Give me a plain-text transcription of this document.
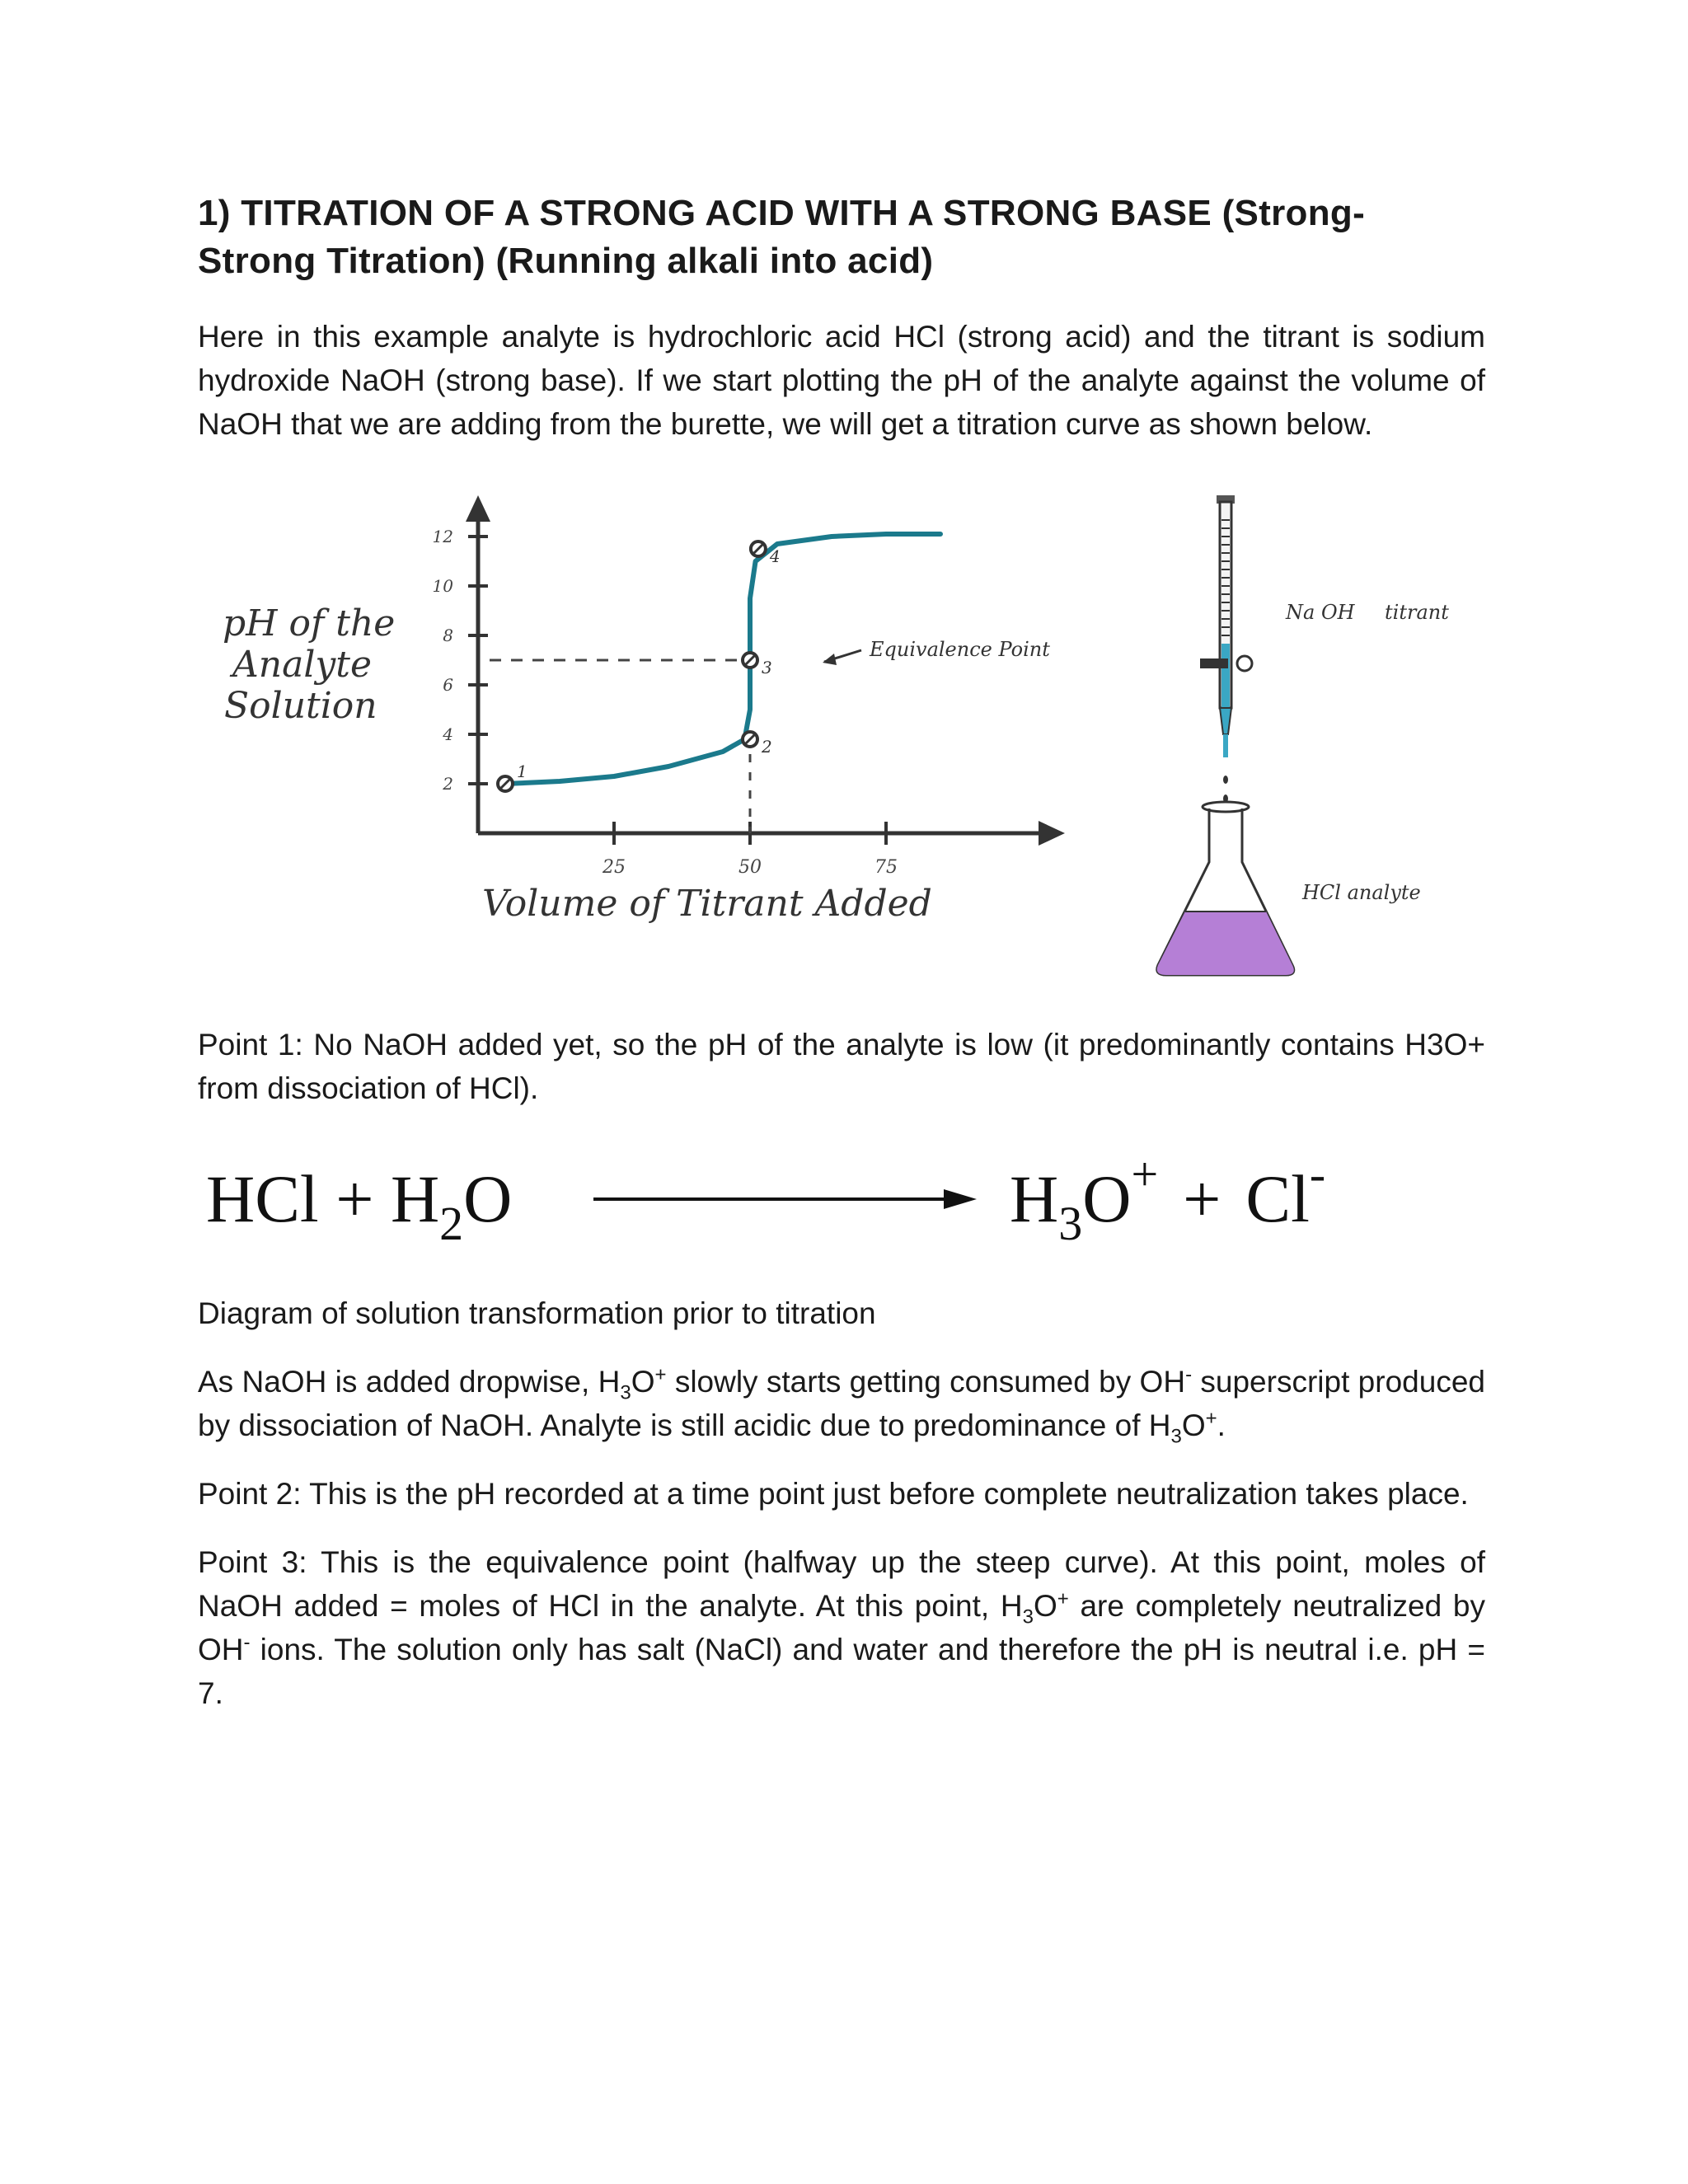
1) TITRATION OF A STRONG ACID WITH A STRONG BASE (Strong-
Strong Titration) (Running alkali into acid)

Here in this example analyte is hydrochloric acid HCl (strong acid) and the titrant is sodium hydroxide NaOH (strong base). If we start plotting the pH of the analyte against the volume of NaOH that we are adding from the burette, we will get a titration curve as shown below.

pH of the
Analyte
Solution
2
4
6
8
10
12
25	50	75
1
2
3
4
Equivalence Point
Volume of Titrant Added
Na OH titrant
HCl analyte

Point 1: No NaOH added yet, so the pH of the analyte is low (it predominantly contains H3O+ from dissociation of HCl).

HCl + $H_2O$	$H_3O^+ + Cl^-$

Diagram of solution transformation prior to titration

As NaOH is added dropwise, $H_3O^+$ slowly starts getting consumed by OH- superscript produced by dissociation of NaOH. Analyte is still acidic due to predominance of $H_3O^+$.

Point 2: This is the pH recorded at a time point just before complete neutralization takes place.

Point 3: This is the equivalence point (halfway up the steep curve). At this point, moles of NaOH added = moles of HCl in the analyte. At this point, $H_3O^+$ are completely neutralized by OH- ions. The solution only has salt (NaCl) and water and therefore the pH is neutral i.e. pH = 7.
